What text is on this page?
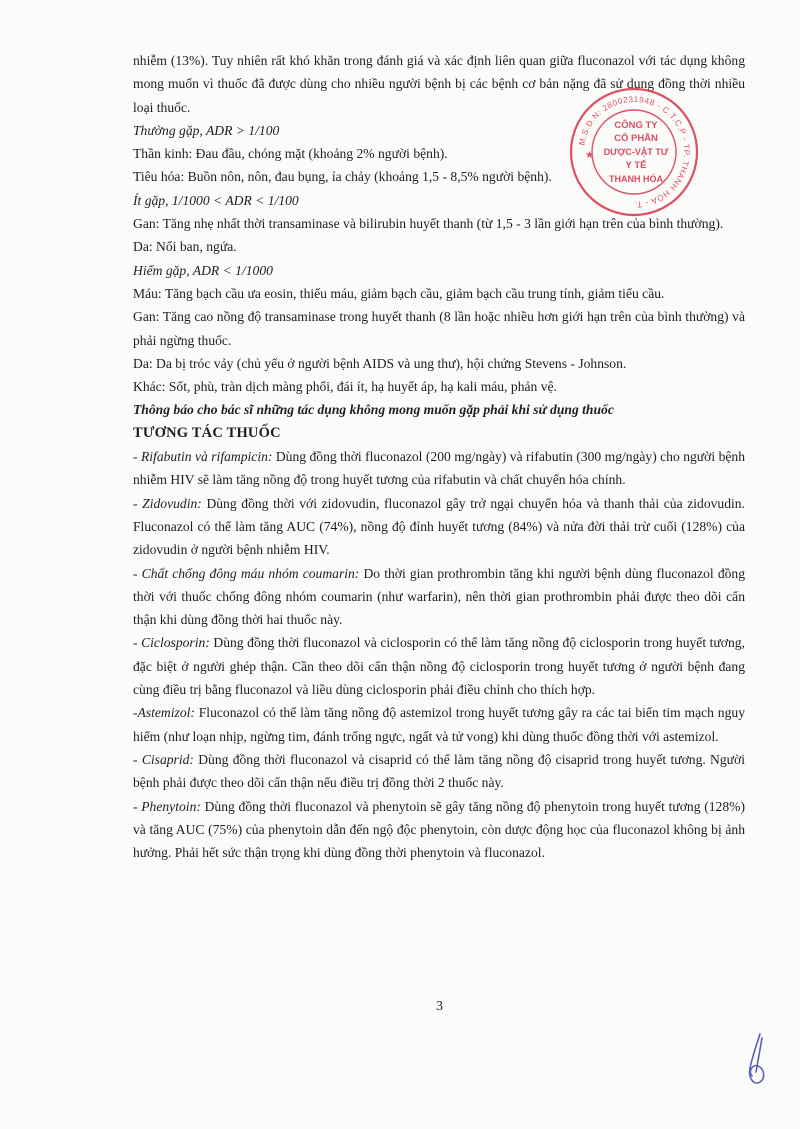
nhiễm (13%). Tuy nhiên rất khó khăn trong đánh giá và xác định liên quan giữa fluconazol với tác dụng không mong muốn vì thuốc đã được dùng cho nhiều người bệnh bị các bệnh cơ bản nặng đã sử dụng đồng thời nhiều loại thuốc.

Thường gặp, ADR > 1/100

Thần kinh: Đau đầu, chóng mặt (khoảng 2% người bệnh).

Tiêu hóa: Buồn nôn, nôn, đau bụng, ỉa chảy (khoảng 1,5 - 8,5% người bệnh).

Ít gặp, 1/1000 < ADR < 1/100

Gan: Tăng nhẹ nhất thời transaminase và bilirubin huyết thanh (từ 1,5 - 3 lần giới hạn trên của bình thường).

Da: Nổi ban, ngứa.

Hiếm gặp, ADR < 1/1000

Máu: Tăng bạch cầu ưa eosin, thiếu máu, giảm bạch cầu, giảm bạch cầu trung tính, giảm tiểu cầu.

Gan: Tăng cao nồng độ transaminase trong huyết thanh (8 lần hoặc nhiều hơn giới hạn trên của bình thường) và phải ngừng thuốc.

Da: Da bị tróc vảy (chủ yếu ở người bệnh AIDS và ung thư), hội chứng Stevens - Johnson.

Khác: Sốt, phù, tràn dịch màng phổi, đái ít, hạ huyết áp, hạ kali máu, phản vệ.

Thông báo cho bác sĩ những tác dụng không mong muốn gặp phải khi sử dụng thuốc

TƯƠNG TÁC THUỐC

- Rifabutin và rifampicin: Dùng đồng thời fluconazol (200 mg/ngày) và rifabutin (300 mg/ngày) cho người bệnh nhiễm HIV sẽ làm tăng nồng độ trong huyết tương của rifabutin và chất chuyển hóa chính.

- Zidovudin: Dùng đồng thời với zidovudin, fluconazol gây trở ngại chuyển hóa và thanh thải của zidovudin. Fluconazol có thể làm tăng AUC (74%), nồng độ đỉnh huyết tương (84%) và nửa đời thải trừ cuối (128%) của zidovudin ở người bệnh nhiễm HIV.

- Chất chống đông máu nhóm coumarin: Do thời gian prothrombin tăng khi người bệnh dùng fluconazol đồng thời với thuốc chống đông nhóm coumarin (như warfarin), nên thời gian prothrombin phải được theo dõi cẩn thận khi dùng đồng thời hai thuốc này.

- Ciclosporin: Dùng đồng thời fluconazol và ciclosporin có thể làm tăng nồng độ ciclosporin trong huyết tương, đặc biệt ở người ghép thận. Cần theo dõi cẩn thận nồng độ ciclosporin trong huyết tương ở người bệnh đang cùng điều trị bằng fluconazol và liều dùng ciclosporin phải điều chỉnh cho thích hợp.

-Astemizol: Fluconazol có thể làm tăng nồng độ astemizol trong huyết tương gây ra các tai biến tim mạch nguy hiểm (như loạn nhịp, ngừng tim, đánh trống ngực, ngất và tử vong) khi dùng thuốc đồng thời với astemizol.

- Cisaprid: Dùng đồng thời fluconazol và cisaprid có thể làm tăng nồng độ cisaprid trong huyết tương. Người bệnh phải được theo dõi cẩn thận nếu điều trị đồng thời 2 thuốc này.

- Phenytoin: Dùng đồng thời fluconazol và phenytoin sẽ gây tăng nồng độ phenytoin trong huyết tương (128%) và tăng AUC (75%) của phenytoin dẫn đến ngộ độc phenytoin, còn dược động học của fluconazol không bị ảnh hưởng. Phải hết sức thận trọng khi dùng đồng thời phenytoin và fluconazol.

M.S.D.N: 2800231948 - C.T.C.P - TP. THANH HÓA - T.
★
CÔNG TY
CỔ PHẦN
DƯỢC-VẬT TƯ
Y TẾ
THANH HÓA
3
